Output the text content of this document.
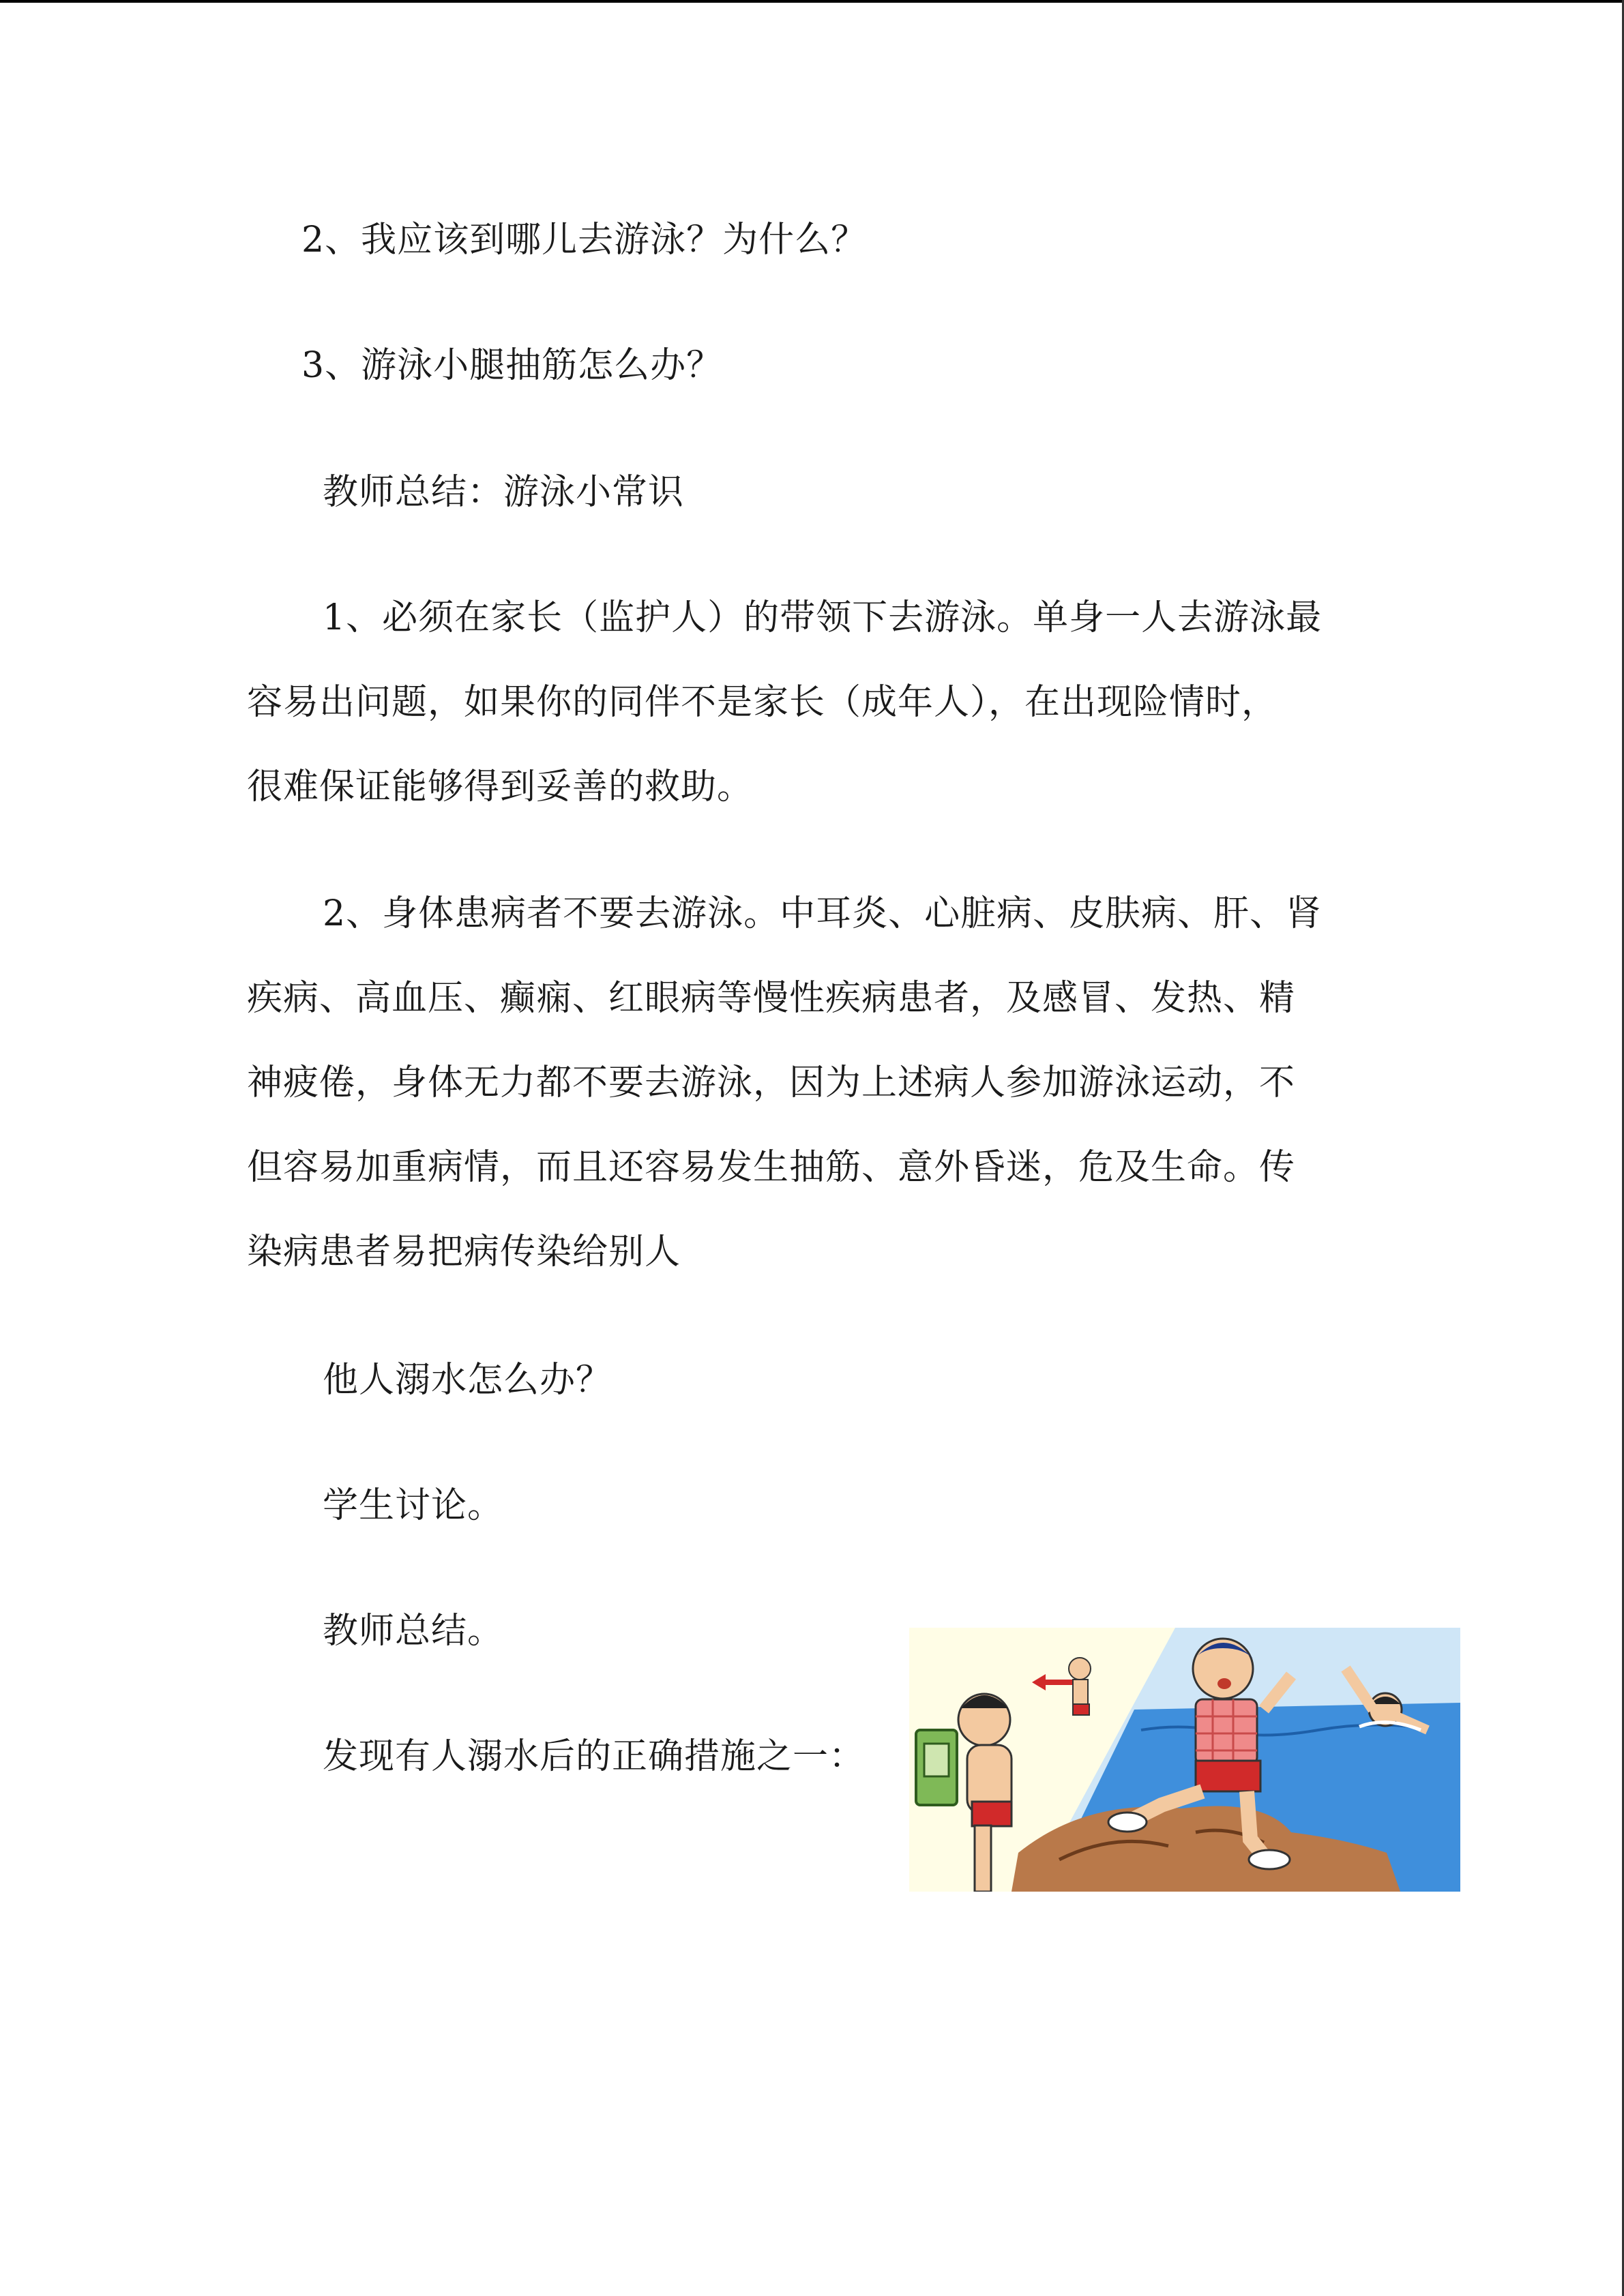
2、我应该到哪儿去游泳？为什么？

3、游泳小腿抽筋怎么办？

教师总结：游泳小常识

1、必须在家长（监护人）的带领下去游泳。单身一人去游泳最
容易出问题，如果你的同伴不是家长（成年人），在出现险情时，
很难保证能够得到妥善的救助。
2、身体患病者不要去游泳。中耳炎、心脏病、皮肤病、肝、肾
疾病、高血压、癫痫、红眼病等慢性疾病患者，及感冒、发热、精
神疲倦，身体无力都不要去游泳，因为上述病人参加游泳运动，不
但容易加重病情，而且还容易发生抽筋、意外昏迷，危及生命。传
染病患者易把病传染给别人

他人溺水怎么办？

学生讨论。

教师总结。

发现有人溺水后的正确措施之一：
